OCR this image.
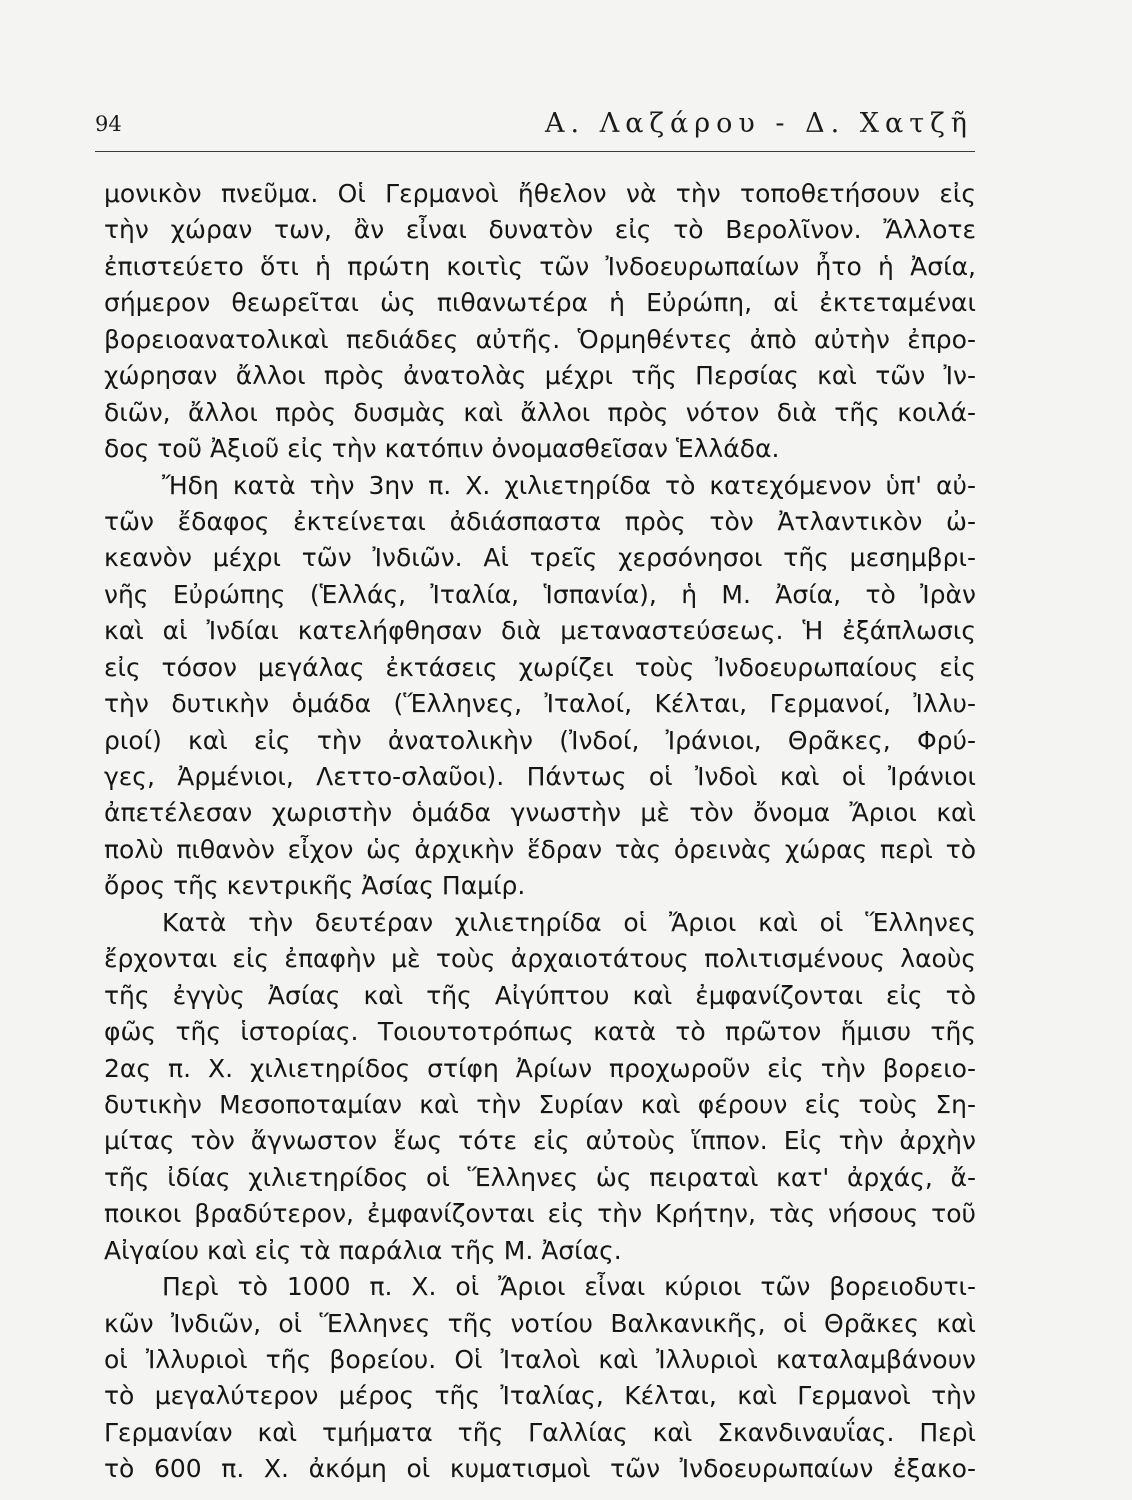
94	Α. Λαζάρου - Δ. Χατζῆ
μονικὸν πνεῦμα. Οἱ Γερμανοὶ ἤθελον νὰ τὴν τοποθετήσουν εἰς
τὴν χώραν των, ἂν εἶναι δυνατὸν εἰς τὸ Βερολῖνον. Ἄλλοτε
ἐπιστεύετο ὅτι ἡ πρώτη κοιτὶς τῶν Ἰνδοευρωπαίων ἦτο ἡ Ἀσία,
σήμερον θεωρεῖται ὡς πιθανωτέρα ἡ Εὐρώπη, αἱ ἐκτεταμέναι
βορειοανατολικαὶ πεδιάδες αὐτῆς. Ὁρμηθέντες ἀπὸ αὐτὴν ἐπρο-
χώρησαν ἄλλοι πρὸς ἀνατολὰς μέχρι τῆς Περσίας καὶ τῶν Ἰν-
διῶν, ἄλλοι πρὸς δυσμὰς καὶ ἄλλοι πρὸς νότον διὰ τῆς κοιλά-
δος τοῦ Ἀξιοῦ εἰς τὴν κατόπιν ὀνομασθεῖσαν Ἑλλάδα.
Ἤδη κατὰ τὴν 3ην π. Χ. χιλιετηρίδα τὸ κατεχόμενον ὑπ' αὐ-
τῶν ἔδαφος ἐκτείνεται ἀδιάσπαστα πρὸς τὸν Ἀτλαντικὸν ὠ-
κεανὸν μέχρι τῶν Ἰνδιῶν. Αἱ τρεῖς χερσόνησοι τῆς μεσημβρι-
νῆς Εὐρώπης (Ἑλλάς, Ἰταλία, Ἱσπανία), ἡ Μ. Ἀσία, τὸ Ἰρὰν
καὶ αἱ Ἰνδίαι κατελήφθησαν διὰ μεταναστεύσεως. Ἡ ἐξάπλωσις
εἰς τόσον μεγάλας ἐκτάσεις χωρίζει τοὺς Ἰνδοευρωπαίους εἰς
τὴν δυτικὴν ὁμάδα (Ἕλληνες, Ἰταλοί, Κέλται, Γερμανοί, Ἰλλυ-
ριοί) καὶ εἰς τὴν ἀνατολικὴν (Ἰνδοί, Ἰράνιοι, Θρᾶκες, Φρύ-
γες, Ἀρμένιοι, Λεττο-σλαῦοι). Πάντως οἱ Ἰνδοὶ καὶ οἱ Ἰράνιοι
ἀπετέλεσαν χωριστὴν ὁμάδα γνωστὴν μὲ τὸν ὄνομα Ἄριοι καὶ
πολὺ πιθανὸν εἶχον ὡς ἀρχικὴν ἕδραν τὰς ὀρεινὰς χώρας περὶ τὸ
ὄρος τῆς κεντρικῆς Ἀσίας Παμίρ.
Κατὰ τὴν δευτέραν χιλιετηρίδα οἱ Ἄριοι καὶ οἱ Ἕλληνες
ἔρχονται εἰς ἐπαφὴν μὲ τοὺς ἀρχαιοτάτους πολιτισμένους λαοὺς
τῆς ἐγγὺς Ἀσίας καὶ τῆς Αἰγύπτου καὶ ἐμφανίζονται εἰς τὸ
φῶς τῆς ἱστορίας. Τοιουτοτρόπως κατὰ τὸ πρῶτον ἥμισυ τῆς
2ας π. Χ. χιλιετηρίδος στίφη Ἀρίων προχωροῦν εἰς τὴν βορειο-
δυτικὴν Μεσοποταμίαν καὶ τὴν Συρίαν καὶ φέρουν εἰς τοὺς Ση-
μίτας τὸν ἄγνωστον ἕως τότε εἰς αὐτοὺς ἵππον. Εἰς τὴν ἀρχὴν
τῆς ἰδίας χιλιετηρίδος οἱ Ἕλληνες ὡς πειραταὶ κατ' ἀρχάς, ἄ-
ποικοι βραδύτερον, ἐμφανίζονται εἰς τὴν Κρήτην, τὰς νήσους τοῦ
Αἰγαίου καὶ εἰς τὰ παράλια τῆς Μ. Ἀσίας.
Περὶ τὸ 1000 π. Χ. οἱ Ἄριοι εἶναι κύριοι τῶν βορειοδυτι-
κῶν Ἰνδιῶν, οἱ Ἕλληνες τῆς νοτίου Βαλκανικῆς, οἱ Θρᾶκες καὶ
οἱ Ἰλλυριοὶ τῆς βορείου. Οἱ Ἰταλοὶ καὶ Ἰλλυριοὶ καταλαμβάνουν
τὸ μεγαλύτερον μέρος τῆς Ἰταλίας, Κέλται, καὶ Γερμανοὶ τὴν
Γερμανίαν καὶ τμήματα τῆς Γαλλίας καὶ Σκανδιναυΐας. Περὶ
τὸ 600 π. Χ. ἀκόμη οἱ κυματισμοὶ τῶν Ἰνδοευρωπαίων ἐξακο-
